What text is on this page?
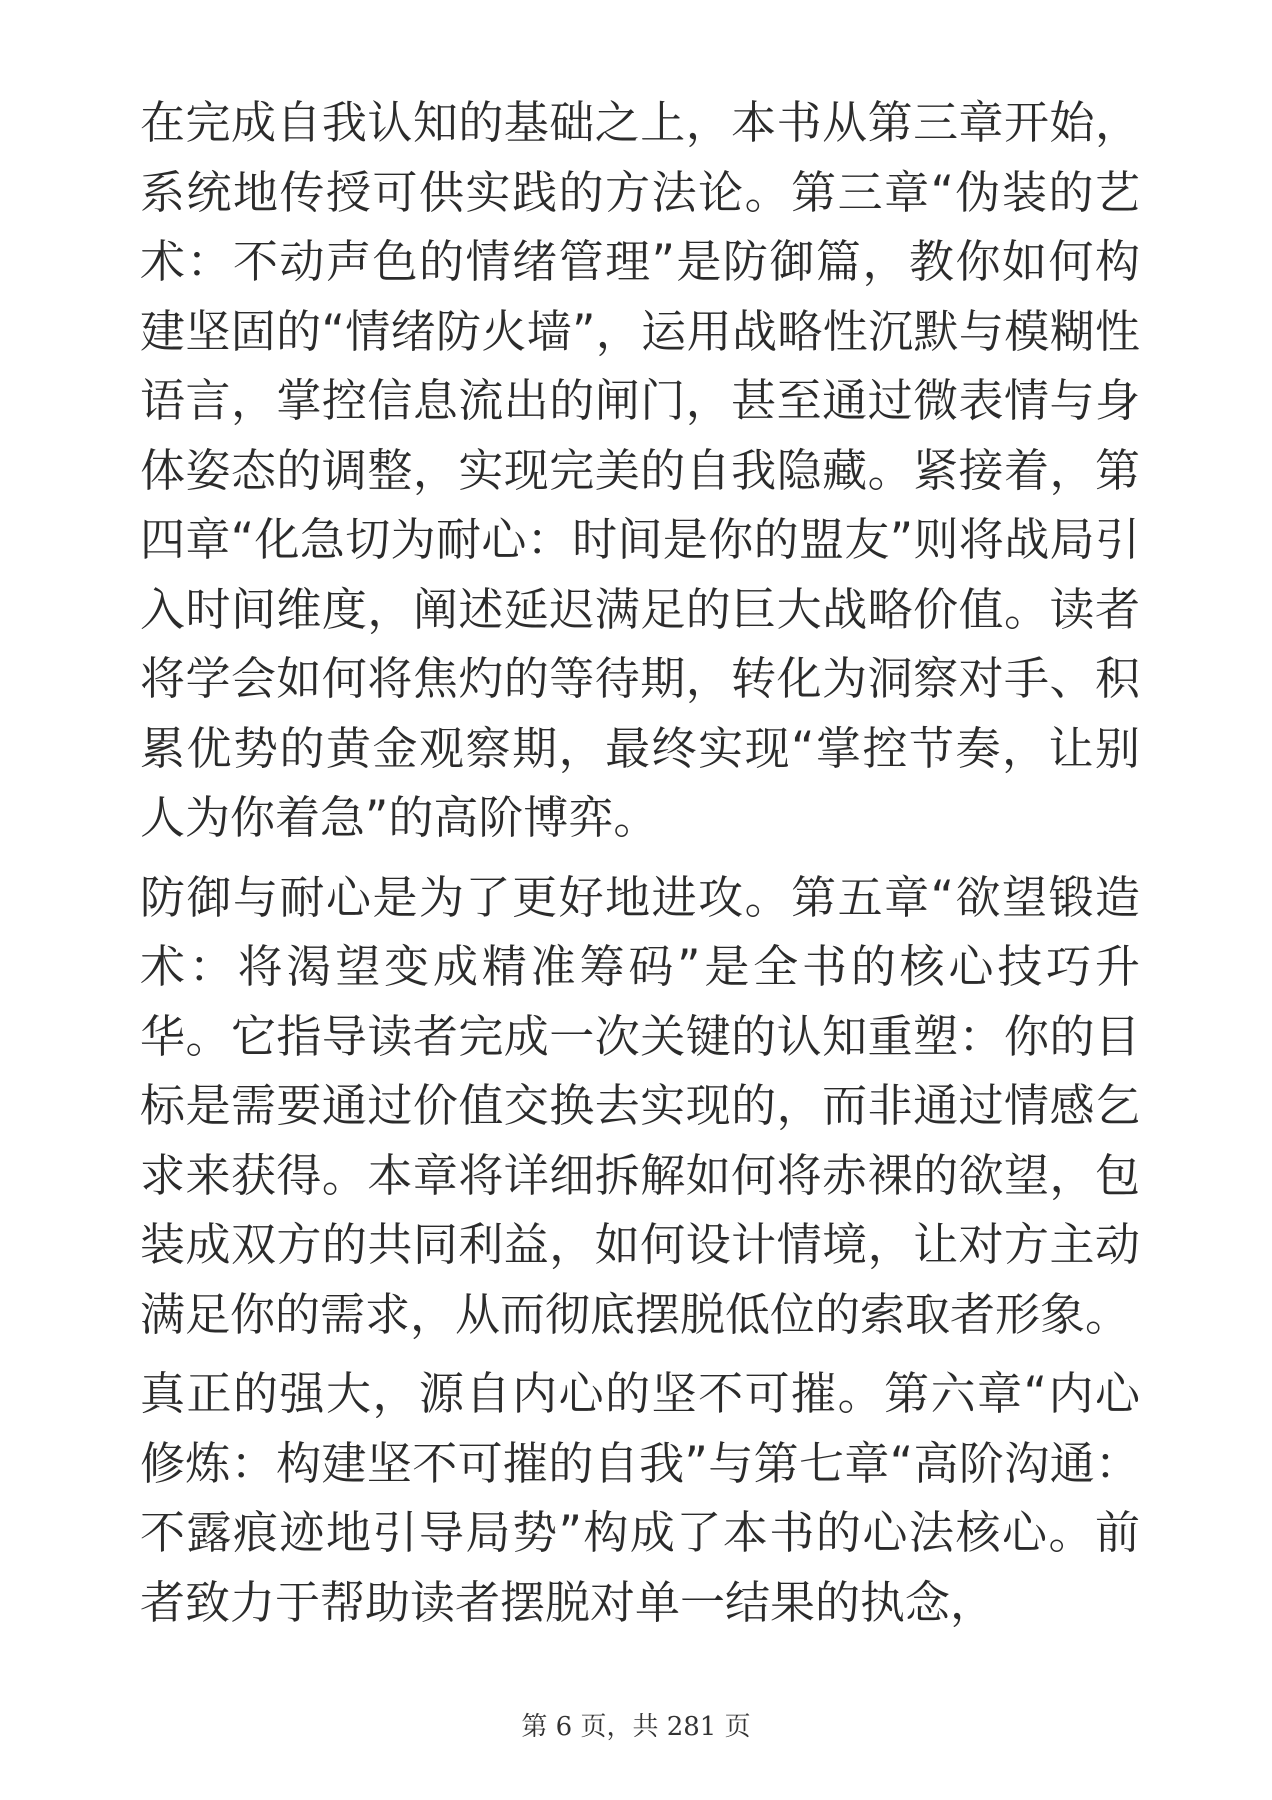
在完成自我认知的基础之上，本书从第三章开始，系统地传授可供实践的方法论。第三章“伪装的艺术：不动声色的情绪管理”是防御篇，教你如何构建坚固的“情绪防火墙”，运用战略性沉默与模糊性语言，掌控信息流出的闸门，甚至通过微表情与身体姿态的调整，实现完美的自我隐藏。紧接着，第四章“化急切为耐心：时间是你的盟友”则将战局引入时间维度，阐述延迟满足的巨大战略价值。读者将学会如何将焦灼的等待期，转化为洞察对手、积累优势的黄金观察期，最终实现“掌控节奏，让别人为你着急”的高阶博弈。

防御与耐心是为了更好地进攻。第五章“欲望锻造术：将渴望变成精准筹码”是全书的核心技巧升华。它指导读者完成一次关键的认知重塑：你的目标是需要通过价值交换去实现的，而非通过情感乞求来获得。本章将详细拆解如何将赤裸的欲望，包装成双方的共同利益，如何设计情境，让对方主动满足你的需求，从而彻底摆脱低位的索取者形象。

真正的强大，源自内心的坚不可摧。第六章“内心修炼：构建坚不可摧的自我”与第七章“高阶沟通：不露痕迹地引导局势”构成了本书的心法核心。前者致力于帮助读者摆脱对单一结果的执念，

第 6 页，共 281 页
